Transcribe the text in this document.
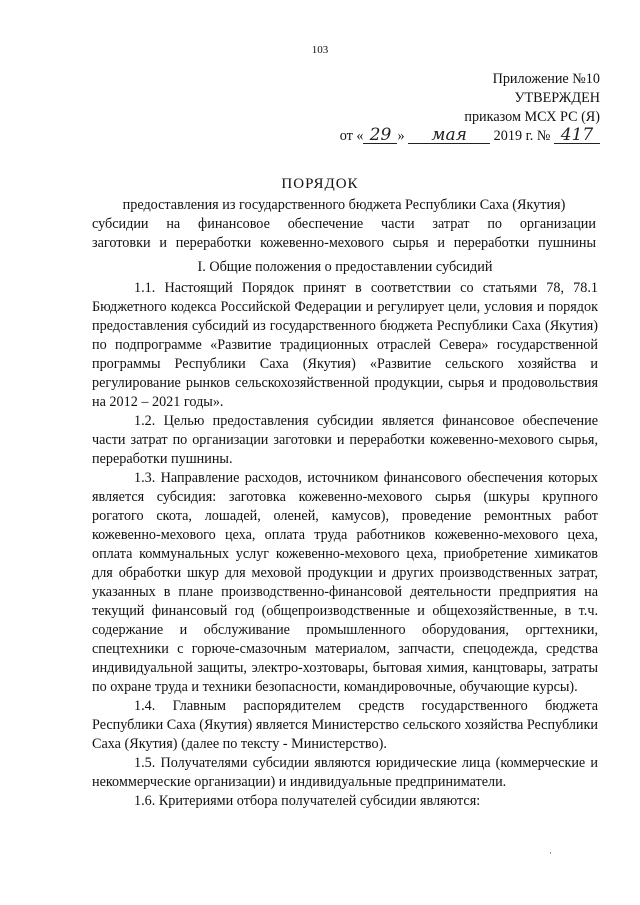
103
Приложение №10
УТВЕРЖДЕН
приказом МСХ РС (Я)
от « 29 » мая 2019 г. № 417
ПОРЯДОК
предоставления из государственного бюджета Республики Саха (Якутия)
субсидии на финансовое обеспечение части затрат по организации
заготовки и переработки кожевенно-мехового сырья и переработки пушнины
I. Общие положения о предоставлении субсидий

1.1. Настоящий Порядок принят в соответствии со статьями 78, 78.1 Бюджетного кодекса Российской Федерации и регулирует цели, условия и порядок предоставления субсидий из государственного бюджета Республики Саха (Якутия) по подпрограмме «Развитие традиционных отраслей Севера» государственной программы Республики Саха (Якутия) «Развитие сельского хозяйства и регулирование рынков сельскохозяйственной продукции, сырья и продовольствия на 2012 – 2021 годы».

1.2. Целью предоставления субсидии является финансовое обеспечение части затрат по организации заготовки и переработки кожевенно-мехового сырья, переработки пушнины.

1.3. Направление расходов, источником финансового обеспечения которых является субсидия: заготовка кожевенно-мехового сырья (шкуры крупного рогатого скота, лошадей, оленей, камусов), проведение ремонтных работ кожевенно-мехового цеха, оплата труда работников кожевенно-мехового цеха, оплата коммунальных услуг кожевенно-мехового цеха, приобретение химикатов для обработки шкур для меховой продукции и других производственных затрат, указанных в плане производственно-финансовой деятельности предприятия на текущий финансовый год (общепроизводственные и общехозяйственные, в т.ч. содержание и обслуживание промышленного оборудования, оргтехники, спецтехники с горюче-смазочным материалом, запчасти, спецодежда, средства индивидуальной защиты, электро-хозтовары, бытовая химия, канцтовары, затраты по охране труда и техники безопасности, командировочные, обучающие курсы).

1.4. Главным распорядителем средств государственного бюджета Республики Саха (Якутия) является Министерство сельского хозяйства Республики Саха (Якутия) (далее по тексту - Министерство).

1.5. Получателями субсидии являются юридические лица (коммерческие и некоммерческие организации) и индивидуальные предприниматели.

1.6. Критериями отбора получателей субсидии являются:

·
